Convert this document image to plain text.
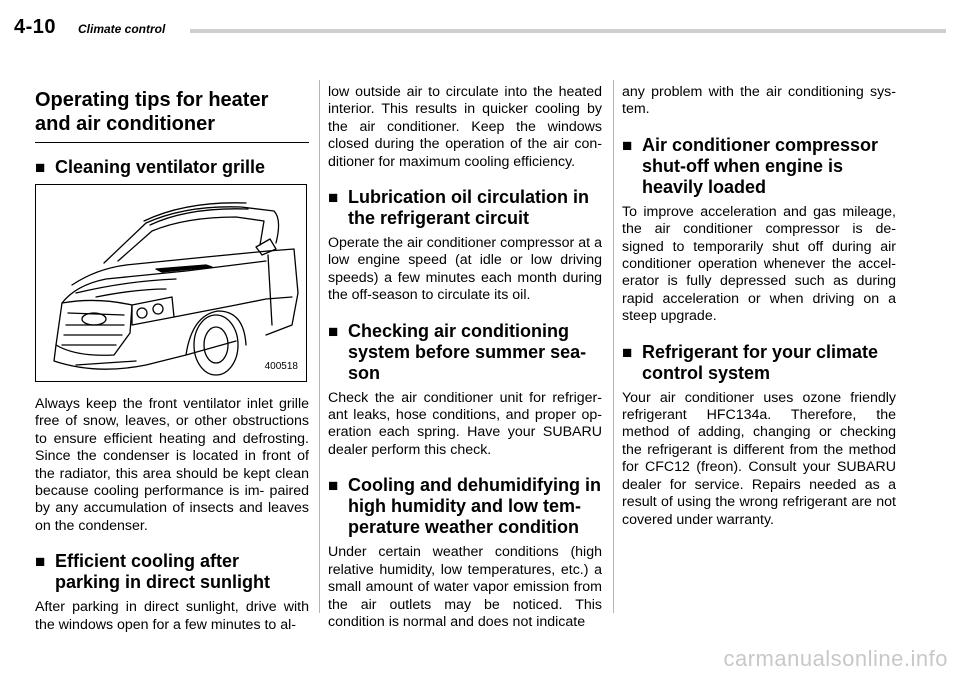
4-10 Climate control
Operating tips for heater and air conditioner
■ Cleaning ventilator grille
400518

Always keep the front ventilator inlet grille free of snow, leaves, or other obstructions to ensure efficient heating and defrosting. Since the condenser is located in front of the radiator, this area should be kept clean because cooling performance is im- paired by any accumulation of insects and leaves on the condenser.

■ Efficient cooling after parking in direct sunlight

After parking in direct sunlight, drive with the windows open for a few minutes to al-

low outside air to circulate into the heated interior. This results in quicker cooling by the air conditioner. Keep the windows closed during the operation of the air con- ditioner for maximum cooling efficiency.

■ Lubrication oil circulation in the refrigerant circuit

Operate the air conditioner compressor at a low engine speed (at idle or low driving speeds) a few minutes each month during the off-season to circulate its oil.

■ Checking air conditioning system before summer sea- son

Check the air conditioner unit for refriger- ant leaks, hose conditions, and proper op- eration each spring. Have your SUBARU dealer perform this check.

■ Cooling and dehumidifying in high humidity and low tem- perature weather condition

Under certain weather conditions (high relative humidity, low temperatures, etc.) a small amount of water vapor emission from the air outlets may be noticed. This condition is normal and does not indicate

any problem with the air conditioning sys- tem.

■ Air conditioner compressor shut-off when engine is heavily loaded

To improve acceleration and gas mileage, the air conditioner compressor is de- signed to temporarily shut off during air conditioner operation whenever the accel- erator is fully depressed such as during rapid acceleration or when driving on a steep upgrade.

■ Refrigerant for your climate control system

Your air conditioner uses ozone friendly refrigerant HFC134a. Therefore, the method of adding, changing or checking the refrigerant is different from the method for CFC12 (freon). Consult your SUBARU dealer for service. Repairs needed as a result of using the wrong refrigerant are not covered under warranty.

carmanualsonline.info
